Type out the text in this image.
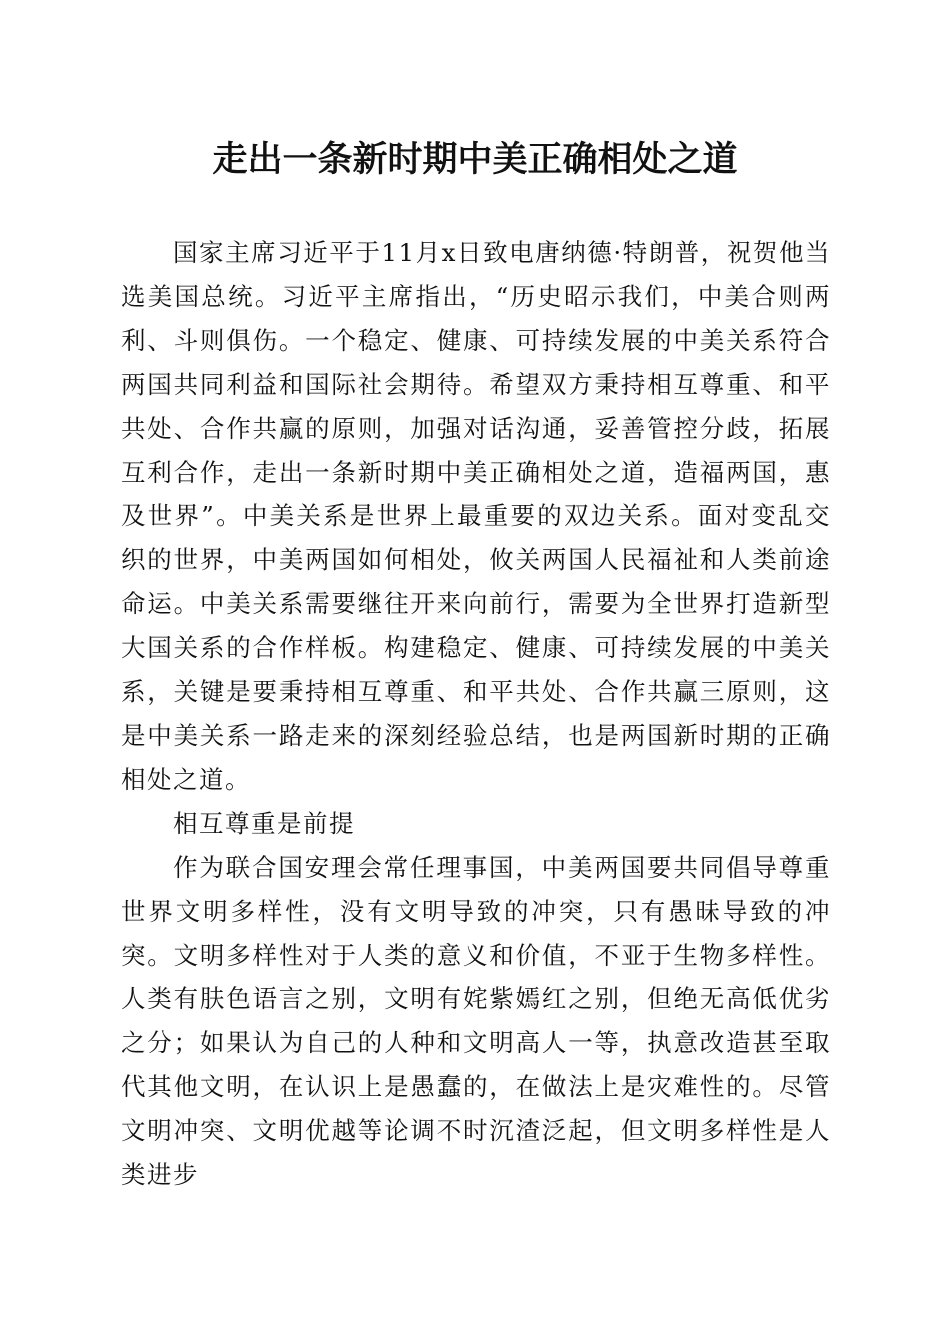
走出一条新时期中美正确相处之道

国家主席习近平于11月x日致电唐纳德·特朗普，祝贺他当选美国总统。习近平主席指出，“历史昭示我们，中美合则两利、斗则俱伤。一个稳定、健康、可持续发展的中美关系符合两国共同利益和国际社会期待。希望双方秉持相互尊重、和平共处、合作共赢的原则，加强对话沟通，妥善管控分歧，拓展互利合作，走出一条新时期中美正确相处之道，造福两国，惠及世界”。中美关系是世界上最重要的双边关系。面对变乱交织的世界，中美两国如何相处，攸关两国人民福祉和人类前途命运。中美关系需要继往开来向前行，需要为全世界打造新型大国关系的合作样板。构建稳定、健康、可持续发展的中美关系，关键是要秉持相互尊重、和平共处、合作共赢三原则，这是中美关系一路走来的深刻经验总结，也是两国新时期的正确相处之道。

相互尊重是前提

作为联合国安理会常任理事国，中美两国要共同倡导尊重世界文明多样性，没有文明导致的冲突，只有愚昧导致的冲突。文明多样性对于人类的意义和价值，不亚于生物多样性。人类有肤色语言之别，文明有姹紫嫣红之别，但绝无高低优劣之分；如果认为自己的人种和文明高人一等，执意改造甚至取代其他文明，在认识上是愚蠢的，在做法上是灾难性的。尽管文明冲突、文明优越等论调不时沉渣泛起，但文明多样性是人类进步
